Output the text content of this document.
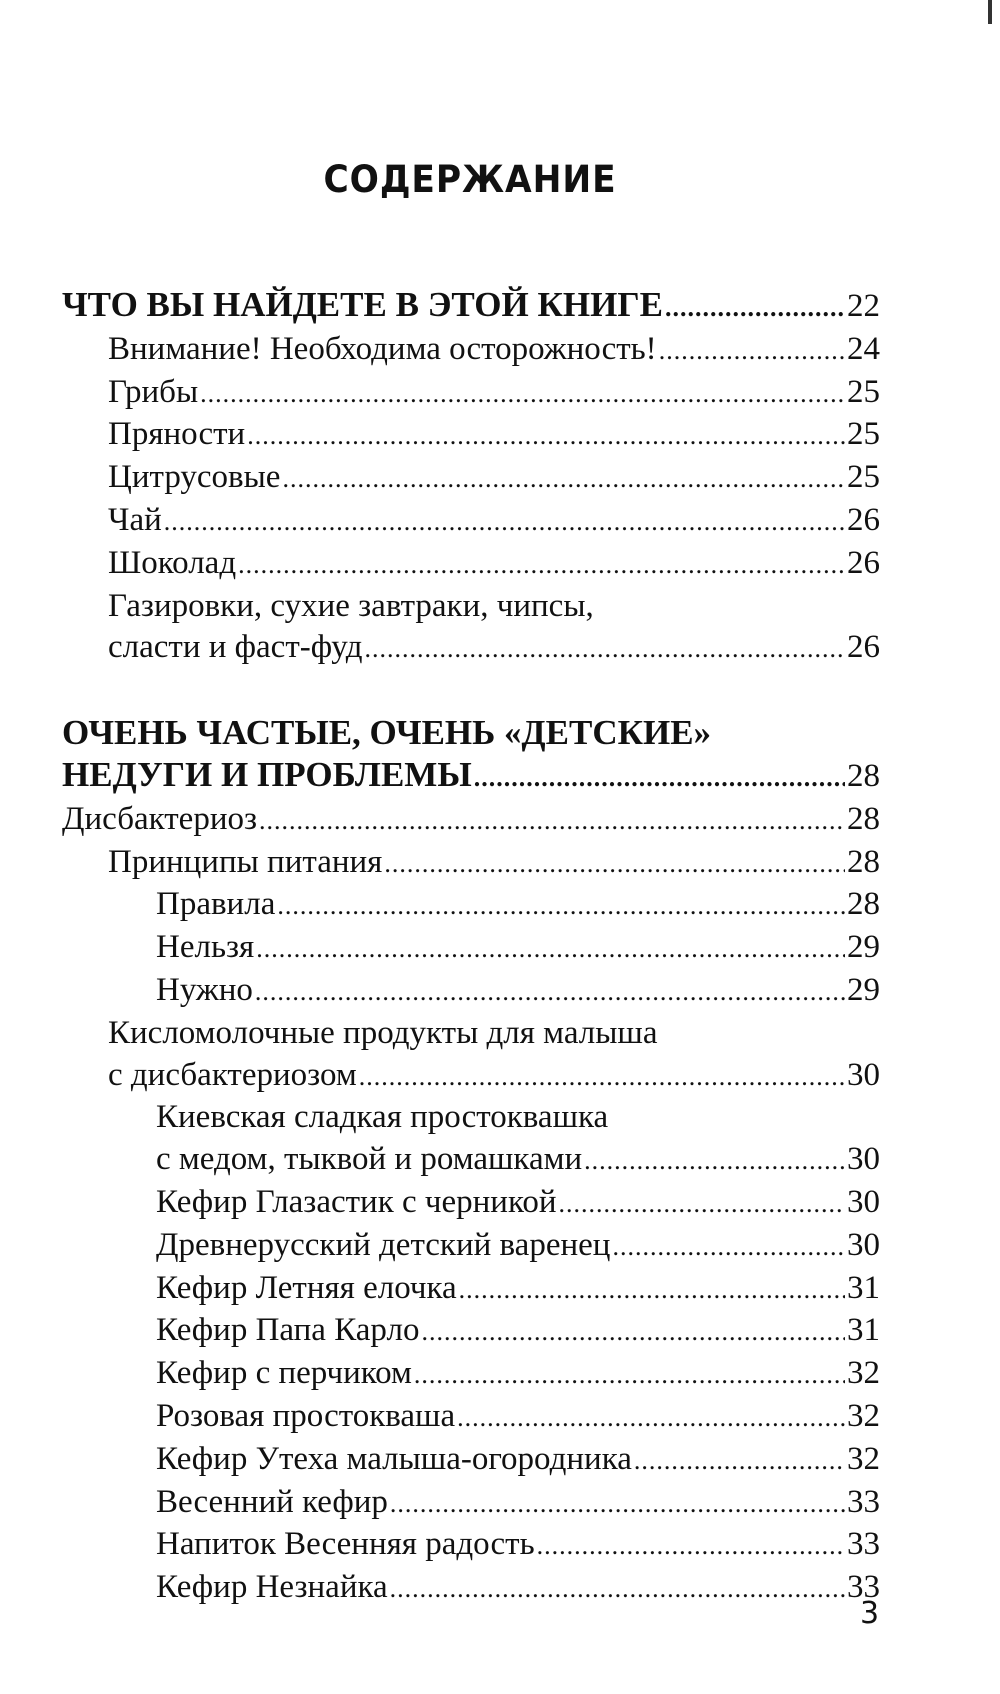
СОДЕРЖАНИЕ
ЧТО ВЫ НАЙДЕТЕ В ЭТОЙ КНИГЕ .....	22
Внимание! Необходима осторожность! .....	24
Грибы .....	25
Пряности .....	25
Цитрусовые .....	25
Чай .....	26
Шоколад .....	26
Газировки, сухие завтраки, чипсы,
сласти и фаст-фуд .....	26
ОЧЕНЬ ЧАСТЫЕ, ОЧЕНЬ «ДЕТСКИЕ»
НЕДУГИ И ПРОБЛЕМЫ .....	28
Дисбактериоз .....	28
Принципы питания .....	28
Правила .....	28
Нельзя .....	29
Нужно .....	29
Кисломолочные продукты для малыша
с дисбактериозом .....	30
Киевская сладкая простоквашка
с медом, тыквой и ромашками .....	30
Кефир Глазастик с черникой .....	30
Древнерусский детский варенец .....	30
Кефир Летняя елочка .....	31
Кефир Папа Карло .....	31
Кефир с перчиком .....	32
Розовая простокваша .....	32
Кефир Утеха малыша-огородника .....	32
Весенний кефир .....	33
Напиток Весенняя радость .....	33
Кефир Незнайка .....	33
3
